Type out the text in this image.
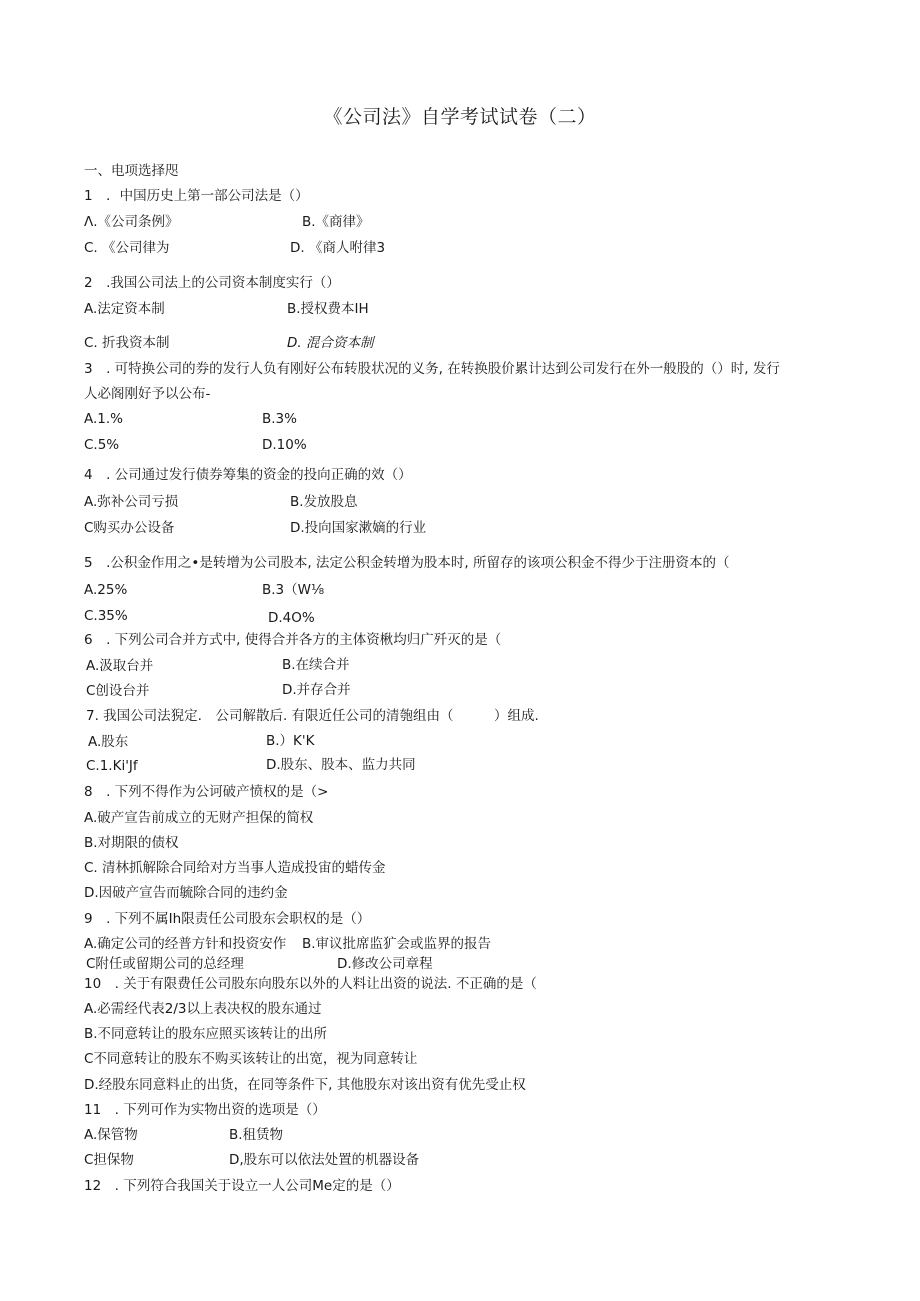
《公司法》自学考试试卷（二）
一、电项选择咫
1　．中国历史上第一部公司法是（）
Λ.《公司条例》	B.《商律》
C. 《公司律为	D. 《商人咐律3
2　.我国公司法上的公司资本制度实行（）
A.法定资本制	B.授权费本IH
C. 折我资本制	D. 混合资本制
3　. 可特换公司的券的发行人负有刚好公布转股状况的义务, 在转换股价累计达到公司发行在外一般股的（）时, 发行
人必阁刚好予以公布-
A.1.%	B.3%
C.5%	D.10%
4　. 公司通过发行债券筹集的资金的投向正确的效（）
A.弥补公司亏损	B.发放股息
C购买办公设备	D.投向国家漱嫡的行业
5　.公积金作用之•是转增为公司股本, 法定公积金转增为股本时, 所留存的该项公积金不得少于注册资本的（
A.25%	B.3（W⅛
C.35%	D.4O%
6　. 下列公司合并方式中, 使得合并各方的主体资楸均归广歼灭的是（
A.汲取台并	B.在续合并
C创设台并	D.并存合并
7. 我国公司法猊定.　公司解散后. 有限近任公司的清匏组由（　　　）组成.
A.股东	B.）K'K
C.1.Ki'Jf	D.股东、股本、监力共同
8　. 下列不得作为公诃破产愤权的是（>
A.破产宣告前成立的无财产担保的简权
B.对期限的债权
C. 清林抓解除合同给对方当事人造成投宙的蜡传金
D.因破产宣告而毓除合同的违约金
9　. 下列不属Ih限责任公司股东会职权的是（）
A.确定公司的经普方针和投资安作 B.审议批席监犷会或监界的报告
C附任或留期公司的总经理	D.修改公司章程
10　. 关于有限费任公司股东向股东以外的人料让出资的说法. 不正确的是（
A.必需经代表2/3以上表决权的股东通过
B.不同意转让的股东应照买该转让的出所
C不同意转让的股东不购买该转让的出宽，视为同意转让
D.经股东同意料止的出货，在同等条件下, 其他股东对该出资有优先受止权
11　. 下列可作为实物出资的选项是（）
A.保管物	B.租赁物
C担保物	D,股东可以依法处置的机器设备
12　. 下列符合我国关于设立一人公司Me定的是（）
